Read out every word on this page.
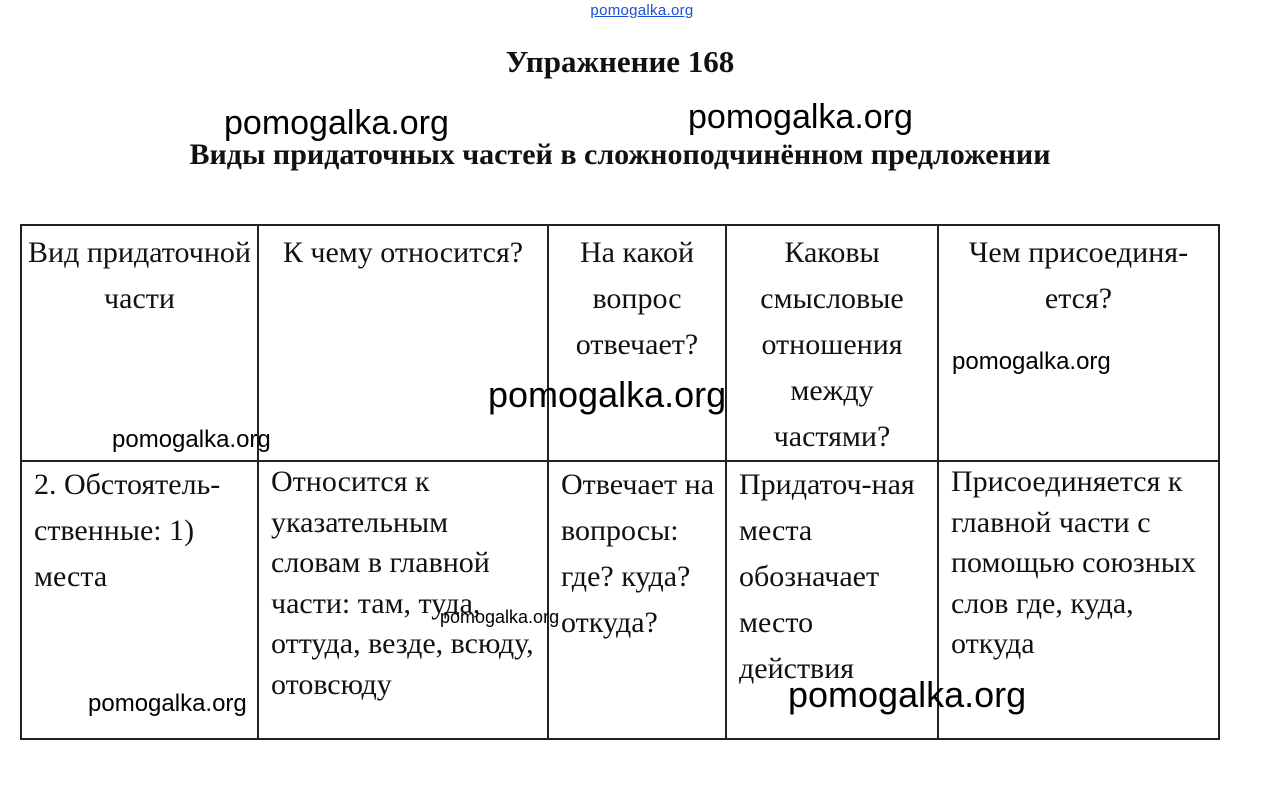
pomogalka.org
Упражнение 168
Виды придаточных частей в сложноподчинённом предложении
Вид придаточной части	К чему относится?	На какой вопрос отвечает?	Каковы смысловые отношения между частями?	Чем присоединя-ется?
2. Обстоятель-ственные: 1) места	Относится к указательным словам в главной части: там, туда, оттуда, везде, всюду, отовсюду	Отвечает на вопросы: где? куда? откуда?	Придаточ-ная места обозначает место действия	Присоединяется к главной части с помощью союзных слов где, куда, откуда
pomogalka.org	pomogalka.org
pomogalka.org
pomogalka.org
pomogalka.org
pomogalka.org
pomogalka.org
pomogalka.org
